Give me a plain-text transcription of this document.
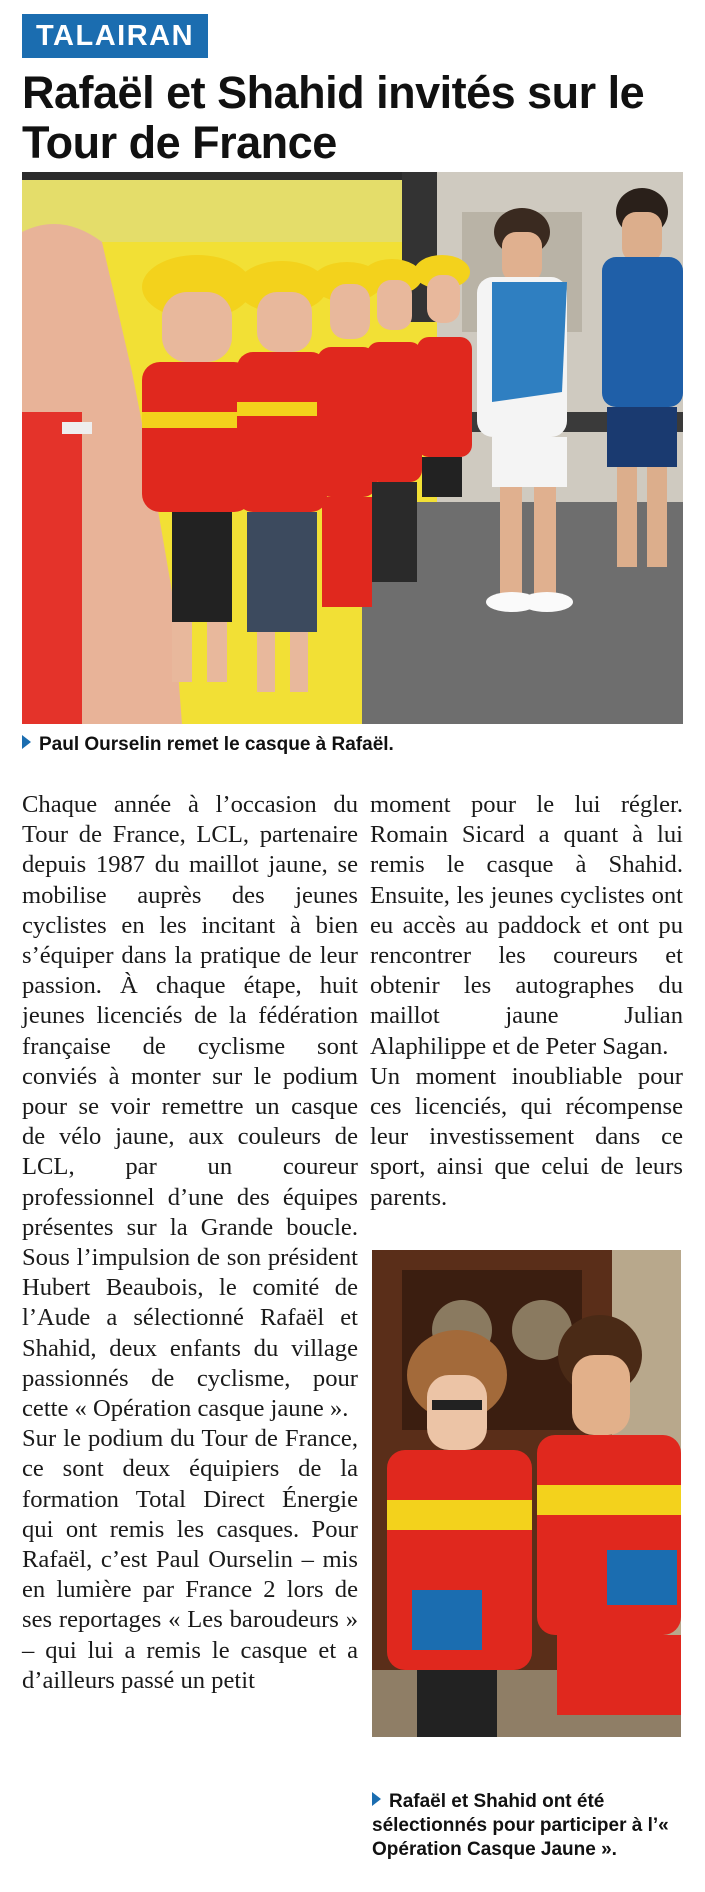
TALAIRAN
Rafaël et Shahid invités sur le Tour de France
Paul Ourselin remet le casque à Rafaël.

Chaque année à l’occasion du Tour de France, LCL, partenaire depuis 1987 du maillot jaune, se mobilise auprès des jeunes cyclistes en les incitant à bien s’équiper dans la pratique de leur passion. À chaque étape, huit jeunes licenciés de la fédération française de cyclisme sont conviés à monter sur le podium pour se voir remettre un casque de vélo jaune, aux couleurs de LCL, par un coureur professionnel d’une des équipes présentes sur la Grande boucle. Sous l’impulsion de son président Hubert Beaubois, le comité de l’Aude a sélectionné Rafaël et Shahid, deux enfants du village passionnés de cyclisme, pour cette « Opération casque jaune ».

Sur le podium du Tour de France, ce sont deux équipiers de la formation Total Direct Énergie qui ont remis les casques. Pour Rafaël, c’est Paul Ourselin – mis en lumière par France 2 lors de ses reportages « Les baroudeurs » – qui lui a remis le casque et a d’ailleurs passé un petit

moment pour le lui régler. Romain Sicard a quant à lui remis le casque à Shahid. Ensuite, les jeunes cyclistes ont eu accès au paddock et ont pu rencontrer les coureurs et obtenir les autographes du maillot jaune Julian Alaphilippe et de Peter Sagan.

Un moment inoubliable pour ces licenciés, qui récompense leur investissement dans ce sport, ainsi que celui de leurs parents.

Rafaël et Shahid ont été sélectionnés pour participer à l’« Opération Casque Jaune ».
